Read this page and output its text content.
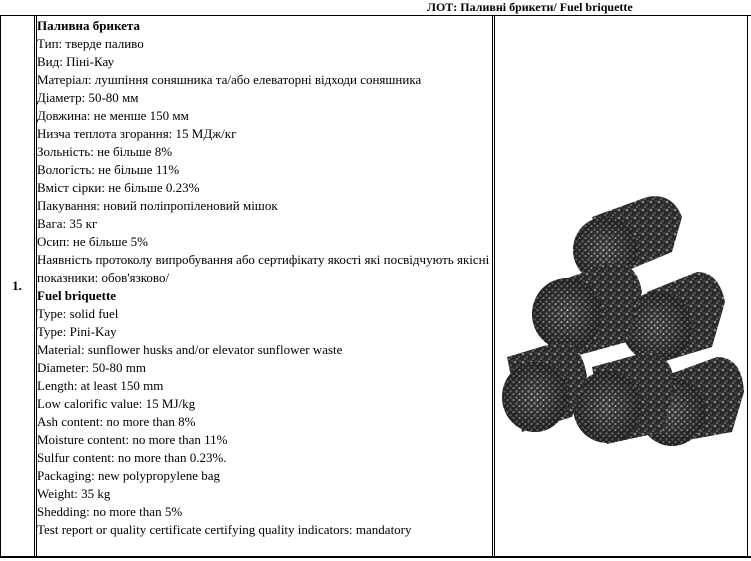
ЛОТ: Паливні брикети/ Fuel briquette
1.
Паливна брикета
Тип: тверде паливо
Вид: Піні-Кау
Матеріал: лушпіння соняшника та/або елеваторні відходи соняшника
Діаметр: 50-80 мм
Довжина: не менше 150 мм
Низча теплота згорання: 15 МДж/кг
Зольність: не більше 8%
Вологість: не більше 11%
Вміст сірки: не більше 0.23%
Пакування: новий поліпропіленовий мішок
Вага: 35 кг
Осип: не більше 5%
Наявність протоколу випробування або сертифікату якості які посвідчують якісні показники: обов'язково/
Fuel briquette
Type: solid fuel
Type: Pini-Kay
Material: sunflower husks and/or elevator sunflower waste
Diameter: 50-80 mm
Length: at least 150 mm
Low calorific value: 15 MJ/kg
Ash content: no more than 8%
Moisture content: no more than 11%
Sulfur content: no more than 0.23%.
Packaging: new polypropylene bag
Weight: 35 kg
Shedding: no more than 5%
Test report or quality certificate certifying quality indicators: mandatory
